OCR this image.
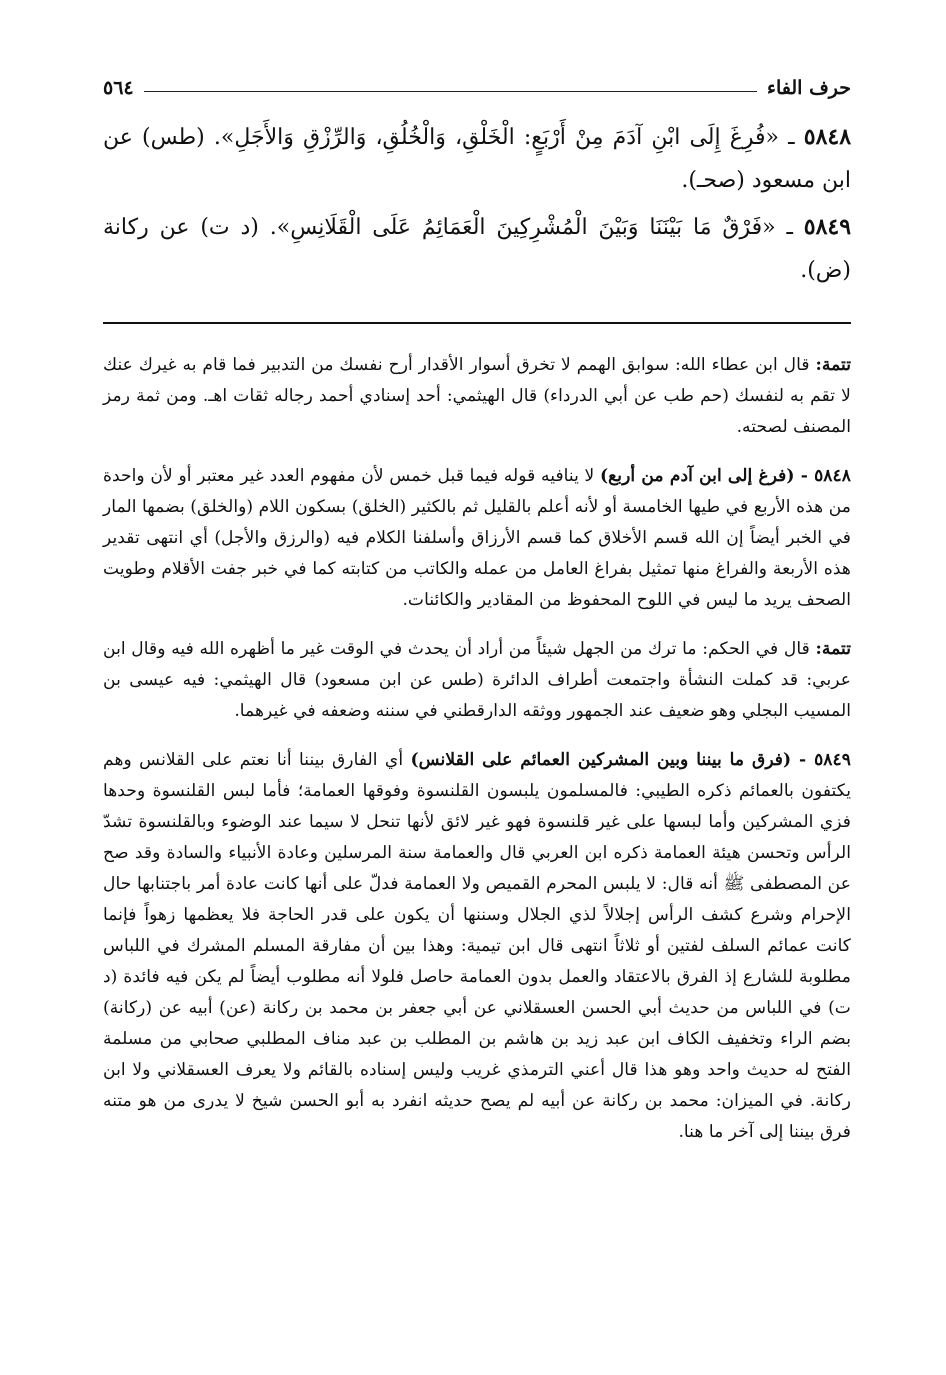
حرف الفاء
٥٦٤

٥٨٤٨ ـ «فُرِغَ إِلَى ابْنِ آدَمَ مِنْ أَرْبَعٍ: الْخَلْقِ، وَالْخُلُقِ، وَالرِّزْقِ وَالأَجَلِ». (طس) عن ابن مسعود (صحـ).

٥٨٤٩ ـ «فَرْقٌ مَا بَيْنَنَا وَبَيْنَ الْمُشْرِكِينَ الْعَمَائِمُ عَلَى الْقَلَانِسِ». (د ت) عن ركانة (ض).

تتمة: قال ابن عطاء الله: سوابق الهمم لا تخرق أسوار الأقدار أرح نفسك من التدبير فما قام به غيرك عنك لا تقم به لنفسك (حم طب عن أبي الدرداء) قال الهيثمي: أحد إسنادي أحمد رجاله ثقات اهـ. ومن ثمة رمز المصنف لصحته.

٥٨٤٨ - (فرغ إلى ابن آدم من أربع) لا ينافيه قوله فيما قبل خمس لأن مفهوم العدد غير معتبر أو لأن واحدة من هذه الأربع في طيها الخامسة أو لأنه أعلم بالقليل ثم بالكثير (الخلق) بسكون اللام (والخلق) بضمها المار في الخبر أيضاً إن الله قسم الأخلاق كما قسم الأرزاق وأسلفنا الكلام فيه (والرزق والأجل) أي انتهى تقدير هذه الأربعة والفراغ منها تمثيل بفراغ العامل من عمله والكاتب من كتابته كما في خبر جفت الأقلام وطويت الصحف يريد ما ليس في اللوح المحفوظ من المقادير والكائنات.

تتمة: قال في الحكم: ما ترك من الجهل شيئاً من أراد أن يحدث في الوقت غير ما أظهره الله فيه وقال ابن عربي: قد كملت النشأة واجتمعت أطراف الدائرة (طس عن ابن مسعود) قال الهيثمي: فيه عيسى بن المسيب البجلي وهو ضعيف عند الجمهور ووثقه الدارقطني في سننه وضعفه في غيرهما.

٥٨٤٩ - (فرق ما بيننا وبين المشركين العمائم على القلانس) أي الفارق بيننا أنا نعتم على القلانس وهم يكتفون بالعمائم ذكره الطيبي: فالمسلمون يلبسون القلنسوة وفوقها العمامة؛ فأما لبس القلنسوة وحدها فزي المشركين وأما لبسها على غير قلنسوة فهو غير لائق لأنها تنحل لا سيما عند الوضوء وبالقلنسوة تشدّ الرأس وتحسن هيئة العمامة ذكره ابن العربي قال والعمامة سنة المرسلين وعادة الأنبياء والسادة وقد صح عن المصطفى ﷺ أنه قال: لا يلبس المحرم القميص ولا العمامة فدلّ على أنها كانت عادة أمر باجتنابها حال الإحرام وشرع كشف الرأس إجلالاً لذي الجلال وسننها أن يكون على قدر الحاجة فلا يعظمها زهواً فإنما كانت عمائم السلف لفتين أو ثلاثاً انتهى قال ابن تيمية: وهذا بين أن مفارقة المسلم المشرك في اللباس مطلوبة للشارع إذ الفرق بالاعتقاد والعمل بدون العمامة حاصل فلولا أنه مطلوب أيضاً لم يكن فيه فائدة (د ت) في اللباس من حديث أبي الحسن العسقلاني عن أبي جعفر بن محمد بن ركانة (عن) أبيه عن (ركانة) بضم الراء وتخفيف الكاف ابن عبد زيد بن هاشم بن المطلب بن عبد مناف المطلبي صحابي من مسلمة الفتح له حديث واحد وهو هذا قال أعني الترمذي غريب وليس إسناده بالقائم ولا يعرف العسقلاني ولا ابن ركانة. في الميزان: محمد بن ركانة عن أبيه لم يصح حديثه انفرد به أبو الحسن شيخ لا يدرى من هو متنه فرق بيننا إلى آخر ما هنا.
